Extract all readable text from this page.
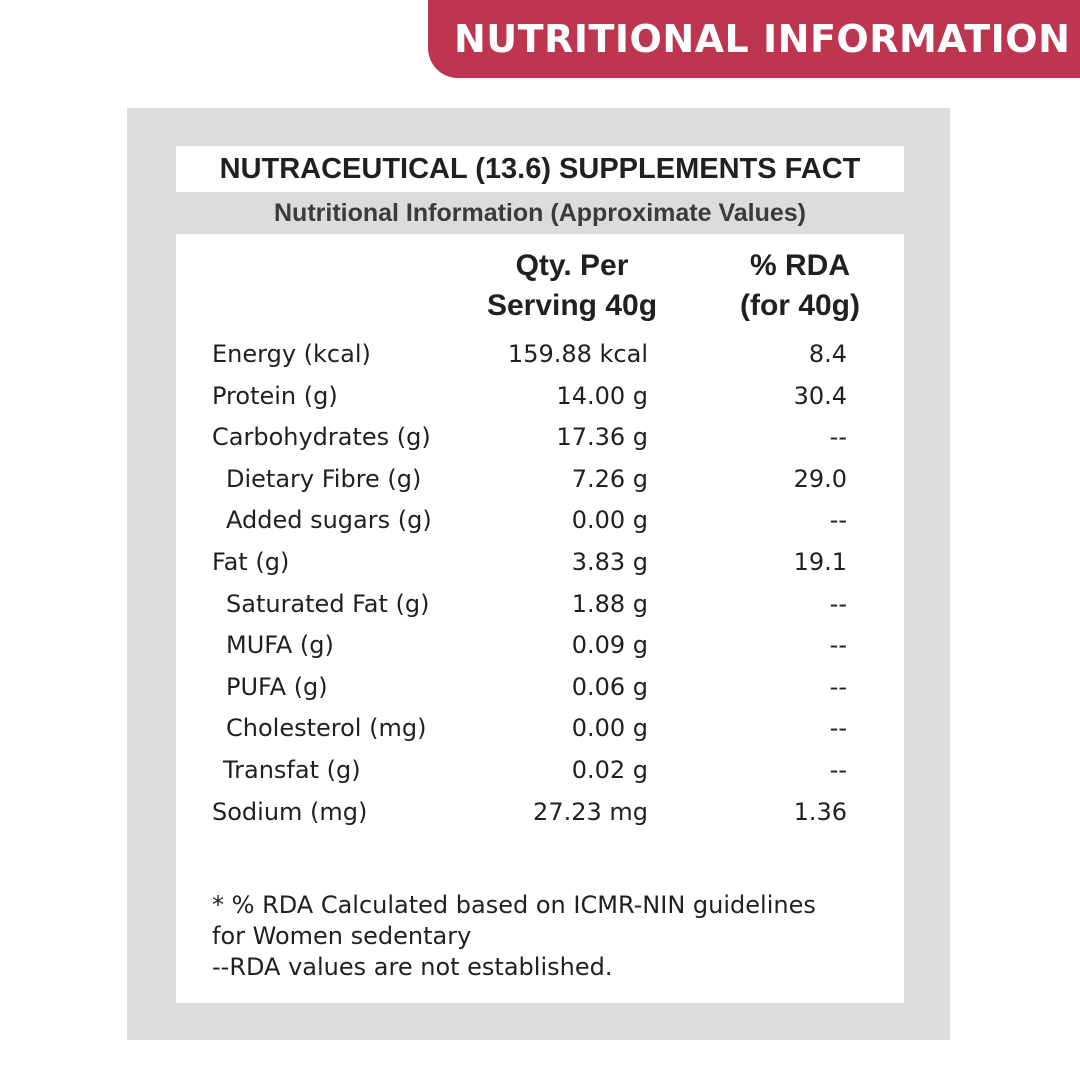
NUTRITIONAL INFORMATION
NUTRACEUTICAL (13.6) SUPPLEMENTS FACT
Nutritional Information (Approximate Values)
Qty. Per
Serving 40g
% RDA
(for 40g)
Energy (kcal)	159.88 kcal	8.4
Protein (g)	14.00 g	30.4
Carbohydrates (g)	17.36 g	--
Dietary Fibre (g)	7.26 g	29.0
Added sugars (g)	0.00 g	--
Fat (g)	3.83 g	19.1
Saturated Fat (g)	1.88 g	--
MUFA (g)	0.09 g	--
PUFA (g)	0.06 g	--
Cholesterol (mg)	0.00 g	--
Transfat (g)	0.02 g	--
Sodium (mg)	27.23 mg	1.36
* % RDA Calculated based on ICMR-NIN guidelines
for Women sedentary
--RDA values are not established.
